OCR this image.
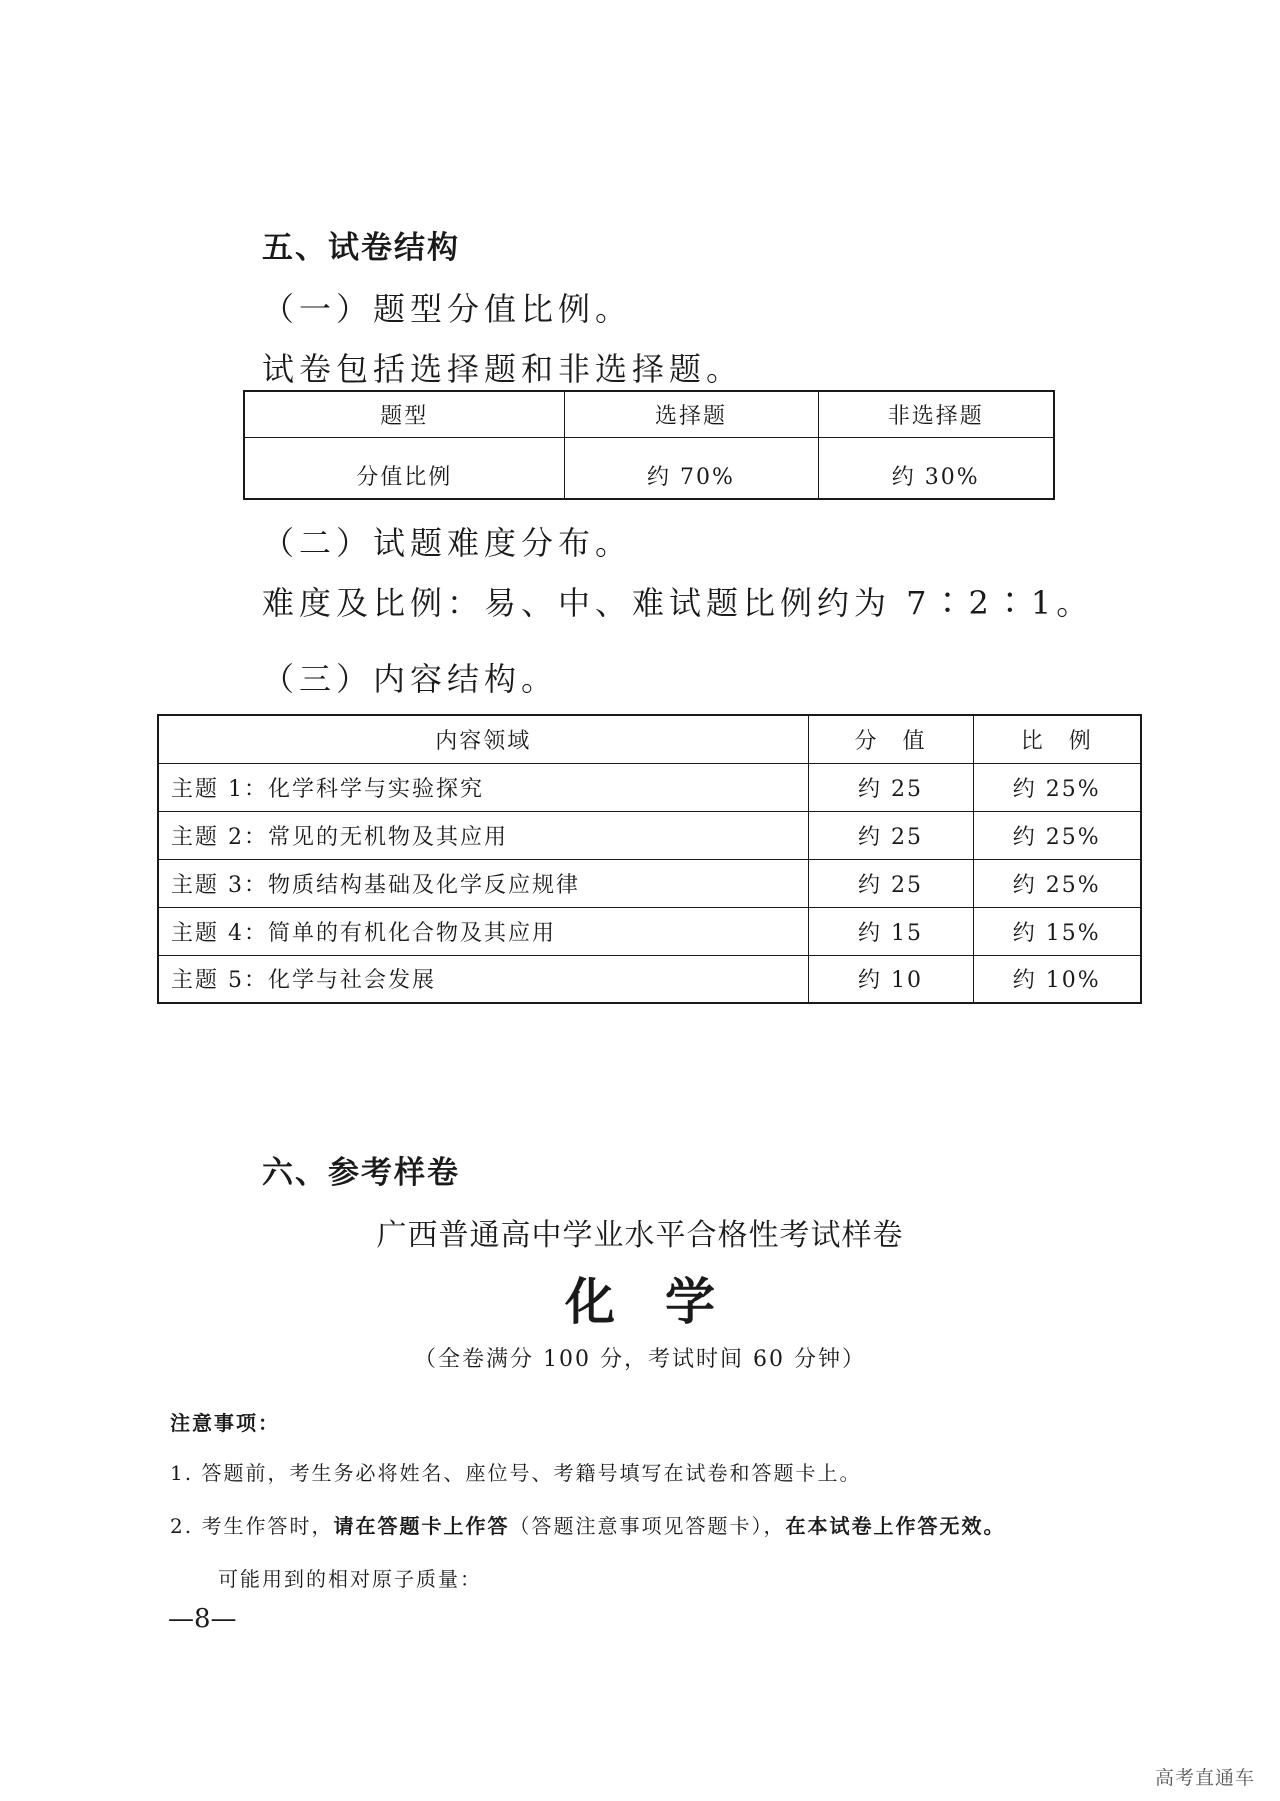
五、试卷结构
（一）题型分值比例。
试卷包括选择题和非选择题。
题型	选择题	非选择题
分值比例	约 70%	约 30%
（二）试题难度分布。
难度及比例：易、中、难试题比例约为 7∶2∶1。
（三）内容结构。
内容领域	分　值	比　例
主题 1：化学科学与实验探究	约 25	约 25%
主题 2：常见的无机物及其应用	约 25	约 25%
主题 3：物质结构基础及化学反应规律	约 25	约 25%
主题 4：简单的有机化合物及其应用	约 15	约 15%
主题 5：化学与社会发展	约 10	约 10%
六、参考样卷
广西普通高中学业水平合格性考试样卷
化　学
（全卷满分 100 分，考试时间 60 分钟）
注意事项：
1. 答题前，考生务必将姓名、座位号、考籍号填写在试卷和答题卡上。
2. 考生作答时，请在答题卡上作答（答题注意事项见答题卡），在本试卷上作答无效。
可能用到的相对原子质量：
—8—
高考直通车
